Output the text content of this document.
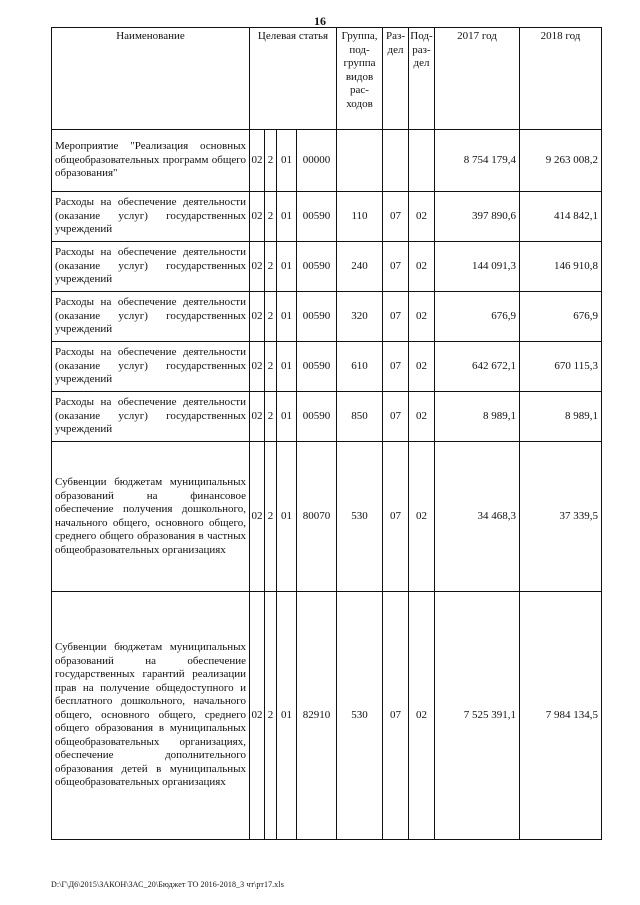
16
Наименование	Целевая статья				Группа, под- группа видов рас- ходов	Раз- дел	Под- раз- дел	2017 год	2018 год
Мероприятие "Реализация основных общеобразовательных программ общего образования"	02	2	01	00000				8 754 179,4	9 263 008,2
Расходы на обеспечение деятельности (оказание услуг) государственных учреждений	02	2	01	00590	110	07	02	397 890,6	414 842,1
Расходы на обеспечение деятельности (оказание услуг) государственных учреждений	02	2	01	00590	240	07	02	144 091,3	146 910,8
Расходы на обеспечение деятельности (оказание услуг) государственных учреждений	02	2	01	00590	320	07	02	676,9	676,9
Расходы на обеспечение деятельности (оказание услуг) государственных учреждений	02	2	01	00590	610	07	02	642 672,1	670 115,3
Расходы на обеспечение деятельности (оказание услуг) государственных учреждений	02	2	01	00590	850	07	02	8 989,1	8 989,1
Субвенции бюджетам муниципальных образований на финансовое обеспечение получения дошкольного, начального общего, основного общего, среднего общего образования в частных общеобразовательных организациях	02	2	01	80070	530	07	02	34 468,3	37 339,5
Субвенции бюджетам муниципальных образований на обеспечение государственных гарантий реализации прав на получение общедоступного и бесплатного дошкольного, начального общего, основного общего, среднего общего образования в муниципальных общеобразовательных организациях, обеспечение дополнительного образования детей в муниципальных общеобразовательных организациях	02	2	01	82910	530	07	02	7 525 391,1	7 984 134,5
D:\Г\Д6\2015\ЗАКОН\ЗАС_20\Бюджет ТО 2016-2018_3 чт\рт17.xls
